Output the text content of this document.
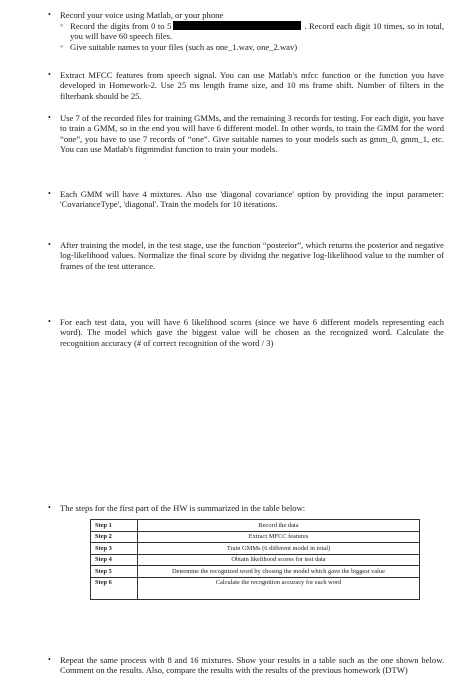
• Record your voice using Matlab, or your phone
◦ Record the digits from 0 to 5	. Record each digit 10 times, so in total, you will have 60 speech files.
◦ Give suitable names to your files (such as one_1.wav, one_2.wav)
• Extract MFCC features from speech signal. You can use Matlab's mfcc function or the function you have developed in Homework-2. Use 25 ms length frame size, and 10 ms frame shift. Number of filters in the filterbank should be 25.
• Use 7 of the recorded files for training GMMs, and the remaining 3 records for testing. For each digit, you have to train a GMM, so in the end you will have 6 different model. In other words, to train the GMM for the word “one”, you have to use 7 records of “one”. Give suitable names to your models such as gmm_0, gmm_1, etc. You can use Matlab's fitgmmdist function to train your models.
• Each GMM will have 4 mixtures. Also use 'diagonal covariance' option by providing the input parameter: 'CovarianceType', 'diagonal'. Train the models for 10 iterations.
• After training the model, in the test stage, use the function “posterior”, which returns the posterior and negative log-likelihood values. Normalize the final score by dividng the negative log-likelihood value to the number of frames of the test utterance.
• For each test data, you will have 6 likelihood scores (since we have 6 different models representing each word). The model which gave the biggest value will be chosen as the recognized word. Calculate the recognition accuracy (# of correct recognition of the word / 3)
• The steps for the first part of the HW is summarized in the table below:
Step 1	Record the data
Step 2	Extract MFCC features
Step 3	Train GMMs (6 different model in total)
Step 4	Obtain likelihood scores for test data
Step 5	Determine the recognized word by chosing the model which gave the biggest value
Step 6	Calculate the recognition accuracy for each word
• Repeat the same process with 8 and 16 mixtures. Show your results in a table such as the one shown below. Comment on the results. Also, compare the results with the results of the previous homework (DTW)
